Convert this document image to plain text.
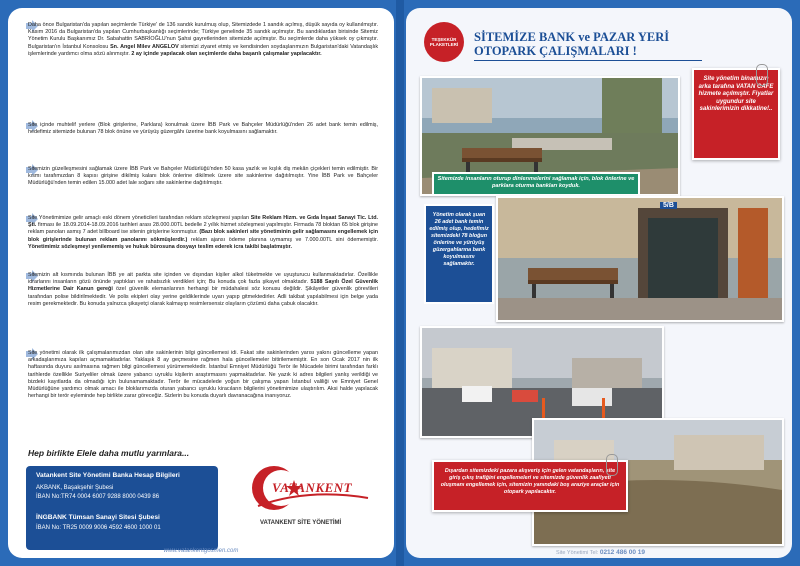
Daha önce Bulgaristan'da yapılan seçimlerde Türkiye' de 136 sandık kurulmuş olup, Sitemizdede 1 sandık açılmış, düşük sayıda oy kullanılmıştır. Kasım 2016 da Bulgaristan'da yapılan Cumhurbaşkanlığı seçimlerinde; Türkiye genelinde 35 sandık açılmıştır. Bu sandıklardan birisinde Sitemiz Yönetim Kurulu Başkanımız Dr. Sabahattin SABRİOĞLU'nun Şahsi gayretlerinden sitemizde açılmıştır. Bu seçimlerde daha yüksek oy çıkmıştır. Bulgaristan'ın İstanbul Konsolosu Sn. Angel Milev ANGELOV sitemizi ziyaret etmiş ve kendisinden soydaşlarımızın Bulgaristan'daki Vatandaşlık işlemlerinde yardımcı olma sözü alınmıştır. 2 ay içinde yapılacak olan seçimlerde daha başarılı çalışmalar yapılacaktır.
Site içinde muhtelif yerlere (Blok girişlerine, Parklara) konulmak üzere İBB Park ve Bahçeler Müdürlüğü'nden 26 adet bank temin edilmiş, hedefimiz sitemizde bulunan 78 blok önüne ve yürüyüş güzergâhı üzerine bank koyulmasını sağlamaktır.
Sitemizin güzelleşmesini sağlamak üzere İBB Park ve Bahçeler Müdürlüğü'nden 50 kasa yazlık ve kışlık diş mekân çiçekleri temin edilmiştir. Bir kısmı tarafımızdan 8 kapısı girişine dikilmiş kalanı blok önlerine dikilmek üzere site sakinlerine dağıtılmıştır. Yine İBB Park ve Bahçeler Müdürlüğü'nden temin edilen 15.000 adet lale soğanı site sakinlerine dağıtılmıştır.
Site Yönetimimize gelir amaçlı eski dönem yöneticileri tarafından reklam sözleşmesi yapılan Site Reklam Hizm. ve Gıda İnşaat Sanayi Tic. Ltd. Şti. firması ile 18.09.2014-18.09.2016 tarihleri arası 28.000.00TL bedelle 2 yıllık hizmet sözleşmesi yapılmıştır. Firmada 78 bloktan 65 blok girişine reklam panoları asmış 7 adet billboard ise sitenin girişlerine konmuştur. (Bazı blok sakinleri site yönetiminin gelir sağlamasını engellemek için blok girişlerinde bulunan reklam panolarını sökmüşlerdir.) reklam ajansı ödeme planına uymamış ve 7.000.00TL sini ödememiştir. Yönetimimiz sözleşmeyi yenilememiş ve hukuk bürosuna dosyayı teslim ederek icra takibi başlatmıştır.
Sitemizin alt kısmında bulunan İBB ye ait parkta site içinden ve dışından kişiler alkol tüketmekte ve uyuşturucu kullanmaktadırlar. Özellikle idrarlarını insanların gözü önünde yaptıkları ve rahatsızlık verdikleri için; Bu konuda çok fazla şikayet olmaktadır. 5188 Sayılı Özel Güvenlik Hizmetlerine Dair Kanun gereği özel güvenlik elemanlarının herhangi bir müdahalesi söz konusu değildir. Şikâyetler güvenlik görevlileri tarafından polise bildirilmektedir. Ve polis ekipleri olay yerine geldiklerinde uyarı yapıp gitmektedirler. Adli takibat yapılabilmesi için belge yada resim gerekmektedir. Bu konuda yalnızca şikayetçi olarak kalmayıp resimlersensiz olayların çözümü daha çabuk olacaktır.
Site yönetimi olarak ilk çalışmalarımızdan olan site sakinlerinin bilgi güncellemesi idi. Fakat site sakinlerinden yarısı yakını güncelleme yapan arkadaşlarımıza kapıları açmamaktadırlar. Yaklaşık 8 ay geçmesine rağmen hala güncellemeler bitirilememiştir. En son Ocak 2017 nin ilk haftasında duyuru asılmasına rağmen bilgi güncellemesi yürümemektedir. İstanbul Emniyet Müdürlüğü Terör ile Mücadele birimi tarafından farklı tarihlerde özellikle Suriyeliler olmak üzere yabancı uyruklu kişilerin araştırmasını yapmaktadırlar. Ne yazık ki adres bilgileri yanlış verildiği ve bizdeki kayıtlarda da olmadığı için bulunamamaktadır. Terör ile mücadelede yoğun bir çalışma yapan İstanbul valiliği ve Emniyet Genel Müdürlüğüne yardımcı olmak amacı ile bloklarımızda oturan yabancı uyruklu kiracıların bilgilerini yönetimimize ulaştırılım. Aksi halde yapılacak herhangi bir terör eyleminde hep birlikte zarar göreceğiz. Sizlerin bu konuda duyarlı davranacağına inanıyoruz.
Hep birlikte Elele daha mutlu yarınlara...
Vatankent Site Yönetimi Banka Hesap Bilgileri
AKBANK, Başakşehir Şubesi
İBAN No:TR74 0004 6007 9288 8000 0439 86
İNGBANK Tümsan Sanayi Sitesi Şubesi
İBAN No: TR25 0009 9006 4592 4600 1000 01
VATANKENT
VATANKENT SİTE YÖNETİMİ
www.vatankentgosmen.com
TEŞEKKÜR PLAKETLERİ
SİTEMİZE BANK ve PAZAR YERİ OTOPARK ÇALIŞMALARI !
Sitemizde insanların oturup dinlenmelerini sağlamak için, blok önlerine ve parklara oturma bankları koyduk.
Site yönetim binamızın arka tarafına VATAN CAFE hizmete açılmıştır. Fiyatlar uygundur site sakinlerimizin dikkatine!..
5/B
Yönetim olarak şuan 26 adet bank temin edilmiş olup, hedefimiz sitemizdeki 78 bloğun önlerine ve yürüyüş güzergahlarına bank koyulmasını sağlamaktır.
Dışardan sitemizdeki pazara alışveriş için gelen vatandaşların, site giriş çıkış trafiğini engellemeleri ve sitemizde güvenlik zaafiyeti oluşmanı engellemek için, sitemizin yanındaki boş araziye araçlar için otopark yapılacaktır.
Site Yönetimi Tel: 0212 486 00 19
